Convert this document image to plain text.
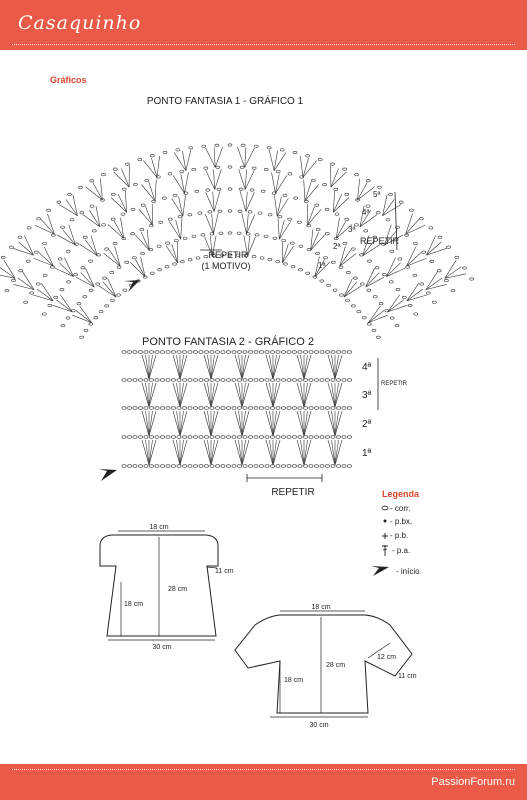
Casaquinho
Gráficos
PONTO FANTASIA 1 - GRÁFICO 1
REPETIR
(1 MOTIVO)
REPETIR
1ª
2ª
3ª
4ª
5ª
PONTO FANTASIA 2 - GRÁFICO 2
REPETIR
REPETIR
1ª
2ª
3ª
4ª
Legenda
- corr.
- p.bx.
- p.b.
- p.a.
- início
18 cm
28 cm
11 cm
18 cm
30 cm
18 cm
28 cm
12 cm
11 cm
18 cm
30 cm
PassionForum.ru
